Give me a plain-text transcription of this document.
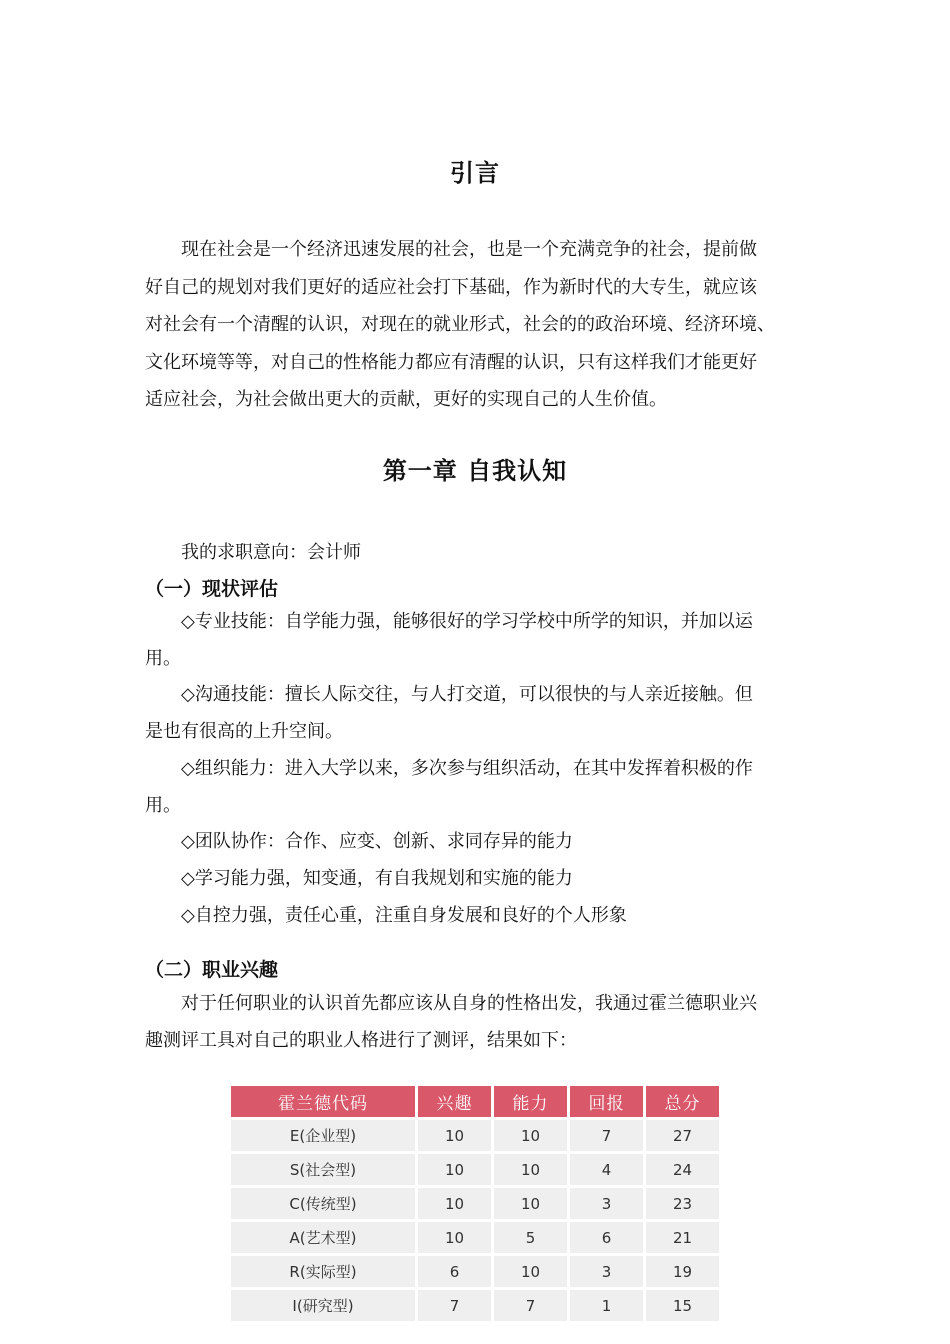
引言
现在社会是一个经济迅速发展的社会，也是一个充满竞争的社会，提前做
好自己的规划对我们更好的适应社会打下基础，作为新时代的大专生，就应该
对社会有一个清醒的认识，对现在的就业形式，社会的的政治环境、经济环境、
文化环境等等，对自己的性格能力都应有清醒的认识，只有这样我们才能更好
适应社会，为社会做出更大的贡献，更好的实现自己的人生价值。
第一章 自我认知

我的求职意向：会计师

（一）现状评估

◇专业技能：自学能力强，能够很好的学习学校中所学的知识，并加以运
用。
◇沟通技能：擅长人际交往，与人打交道，可以很快的与人亲近接触。但
是也有很高的上升空间。
◇组织能力：进入大学以来，多次参与组织活动，在其中发挥着积极的作
用。
◇团队协作：合作、应变、创新、求同存异的能力
◇学习能力强，知变通，有自我规划和实施的能力
◇自控力强，责任心重，注重自身发展和良好的个人形象

（二）职业兴趣

对于任何职业的认识首先都应该从自身的性格出发，我通过霍兰德职业兴
趣测评工具对自己的职业人格进行了测评，结果如下：
霍兰德代码	兴趣	能力	回报	总分
E(企业型)	10	10	7	27
S(社会型)	10	10	4	24
C(传统型)	10	10	3	23
A(艺术型)	10	5	6	21
R(实际型)	6	10	3	19
I(研究型)	7	7	1	15
